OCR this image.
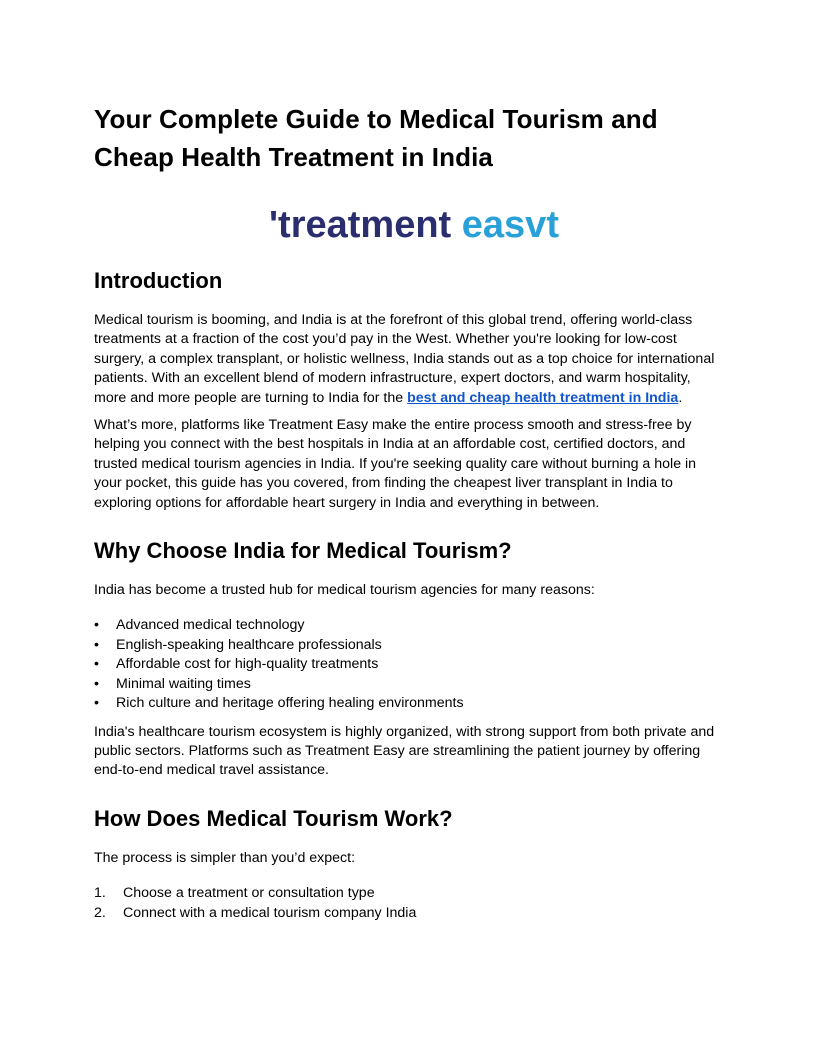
Your Complete Guide to Medical Tourism and
Cheap Health Treatment in India
'treatment easvt
Introduction

Medical tourism is booming, and India is at the forefront of this global trend, offering world-class treatments at a fraction of the cost you’d pay in the West. Whether you're looking for low-cost surgery, a complex transplant, or holistic wellness, India stands out as a top choice for international patients. With an excellent blend of modern infrastructure, expert doctors, and warm hospitality, more and more people are turning to India for the best and cheap health treatment in India.

What’s more, platforms like Treatment Easy make the entire process smooth and stress-free by helping you connect with the best hospitals in India at an affordable cost, certified doctors, and trusted medical tourism agencies in India. If you're seeking quality care without burning a hole in your pocket, this guide has you covered, from finding the cheapest liver transplant in India to exploring options for affordable heart surgery in India and everything in between.

Why Choose India for Medical Tourism?

India has become a trusted hub for medical tourism agencies for many reasons:

• Advanced medical technology
• English-speaking healthcare professionals
• Affordable cost for high-quality treatments
• Minimal waiting times
• Rich culture and heritage offering healing environments

India's healthcare tourism ecosystem is highly organized, with strong support from both private and public sectors. Platforms such as Treatment Easy are streamlining the patient journey by offering end-to-end medical travel assistance.

How Does Medical Tourism Work?

The process is simpler than you’d expect:

1. Choose a treatment or consultation type
2. Connect with a medical tourism company India
